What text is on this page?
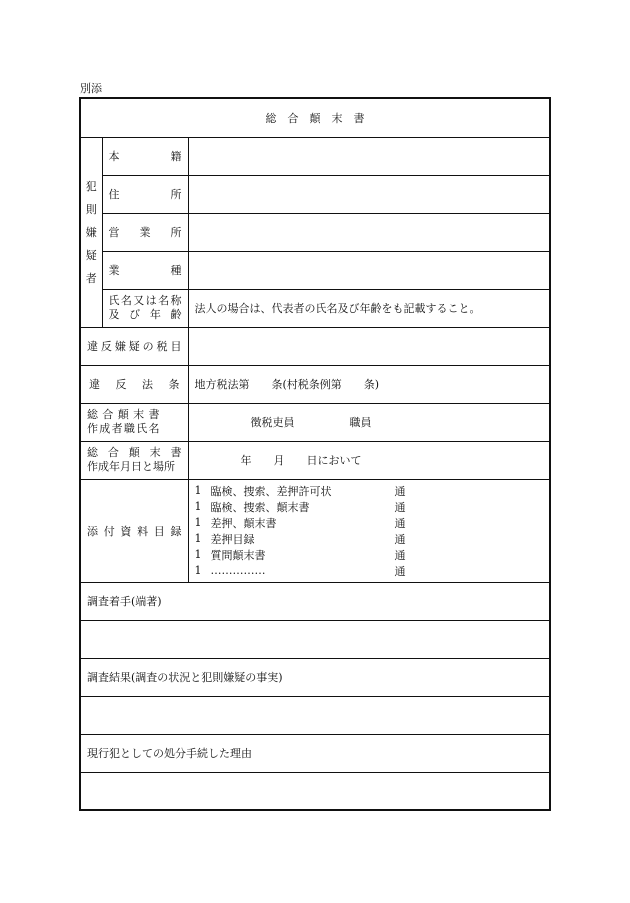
別添
総　合　顛　末　書

犯
則
嫌
疑
者

本	籍

住	所

営 業 所

業	種

氏 名 又 は 名 称
及 び 年 齢	法人の場合は、代表者の氏名及び年齢をも記載すること。

違 反 嫌 疑 の 税 目

違 反 法 条	地方税法第　　条(村税条例第　　条)

総 合 顛 末 書
作 成 者 職 氏 名	徴税吏員　　　　　職員

総 合 顛 末 書
作成年月日と場所	年　　月　　日において

添 付 資 料 目 録

1	臨検、捜索、差押許可状	通
1	臨検、捜索、顛末書	通
1	差押、顛末書	通
1	差押目録	通
1	質問顛末書	通
1	……………	通

調査着手(端著)

調査結果(調査の状況と犯則嫌疑の事実)

現行犯としての処分手続した理由
